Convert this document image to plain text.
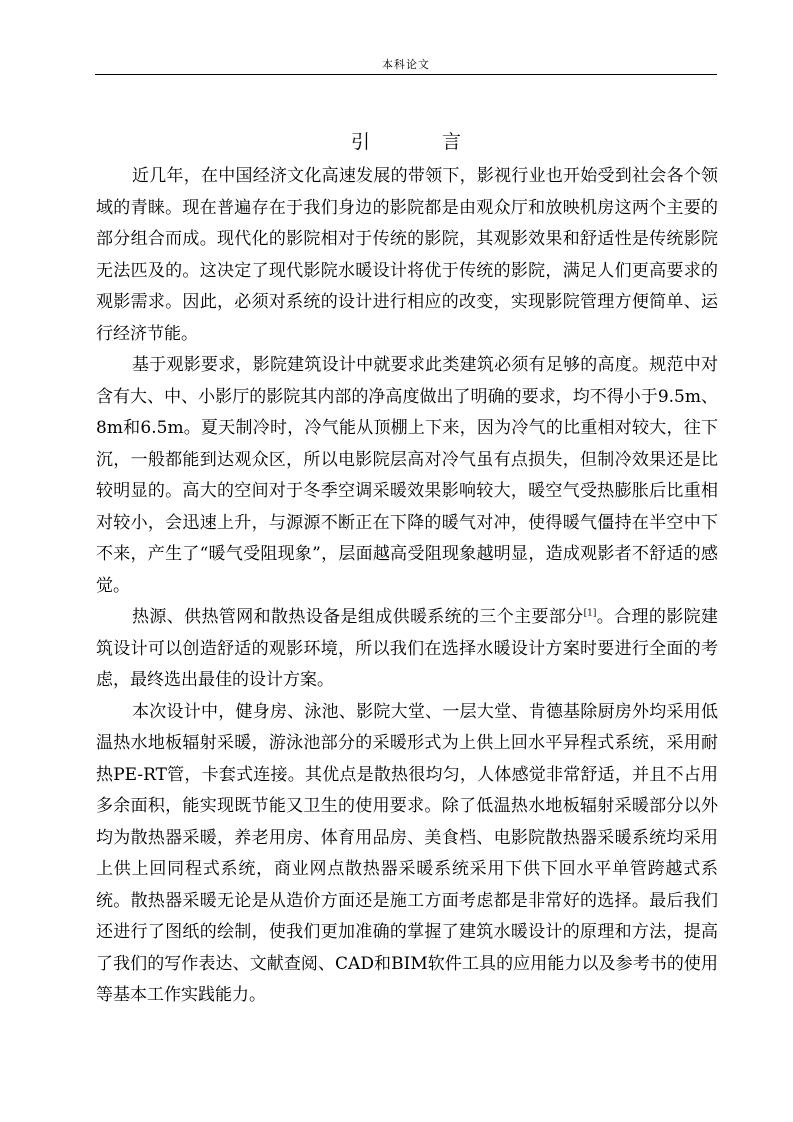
本科论文
引 言

近几年，在中国经济文化高速发展的带领下，影视行业也开始受到社会各个领域的青睐。现在普遍存在于我们身边的影院都是由观众厅和放映机房这两个主要的部分组合而成。现代化的影院相对于传统的影院，其观影效果和舒适性是传统影院无法匹及的。这决定了现代影院水暖设计将优于传统的影院，满足人们更高要求的观影需求。因此，必须对系统的设计进行相应的改变，实现影院管理方便简单、运行经济节能。

基于观影要求，影院建筑设计中就要求此类建筑必须有足够的高度。规范中对含有大、中、小影厅的影院其内部的净高度做出了明确的要求，均不得小于9.5m、8m和6.5m。夏天制冷时，冷气能从顶棚上下来，因为冷气的比重相对较大，往下沉，一般都能到达观众区，所以电影院层高对冷气虽有点损失，但制冷效果还是比较明显的。高大的空间对于冬季空调采暖效果影响较大，暖空气受热膨胀后比重相对较小，会迅速上升，与源源不断正在下降的暖气对冲，使得暖气僵持在半空中下不来，产生了“暖气受阻现象”，层面越高受阻现象越明显，造成观影者不舒适的感觉。

热源、供热管网和散热设备是组成供暖系统的三个主要部分[1]。合理的影院建筑设计可以创造舒适的观影环境，所以我们在选择水暖设计方案时要进行全面的考虑，最终选出最佳的设计方案。

本次设计中，健身房、泳池、影院大堂、一层大堂、肯德基除厨房外均采用低温热水地板辐射采暖，游泳池部分的采暖形式为上供上回水平异程式系统，采用耐热PE-RT管，卡套式连接。其优点是散热很均匀，人体感觉非常舒适，并且不占用多余面积，能实现既节能又卫生的使用要求。除了低温热水地板辐射采暖部分以外均为散热器采暖，养老用房、体育用品房、美食档、电影院散热器采暖系统均采用上供上回同程式系统，商业网点散热器采暖系统采用下供下回水平单管跨越式系统。散热器采暖无论是从造价方面还是施工方面考虑都是非常好的选择。最后我们还进行了图纸的绘制，使我们更加准确的掌握了建筑水暖设计的原理和方法，提高了我们的写作表达、文献查阅、CAD和BIM软件工具的应用能力以及参考书的使用等基本工作实践能力。
